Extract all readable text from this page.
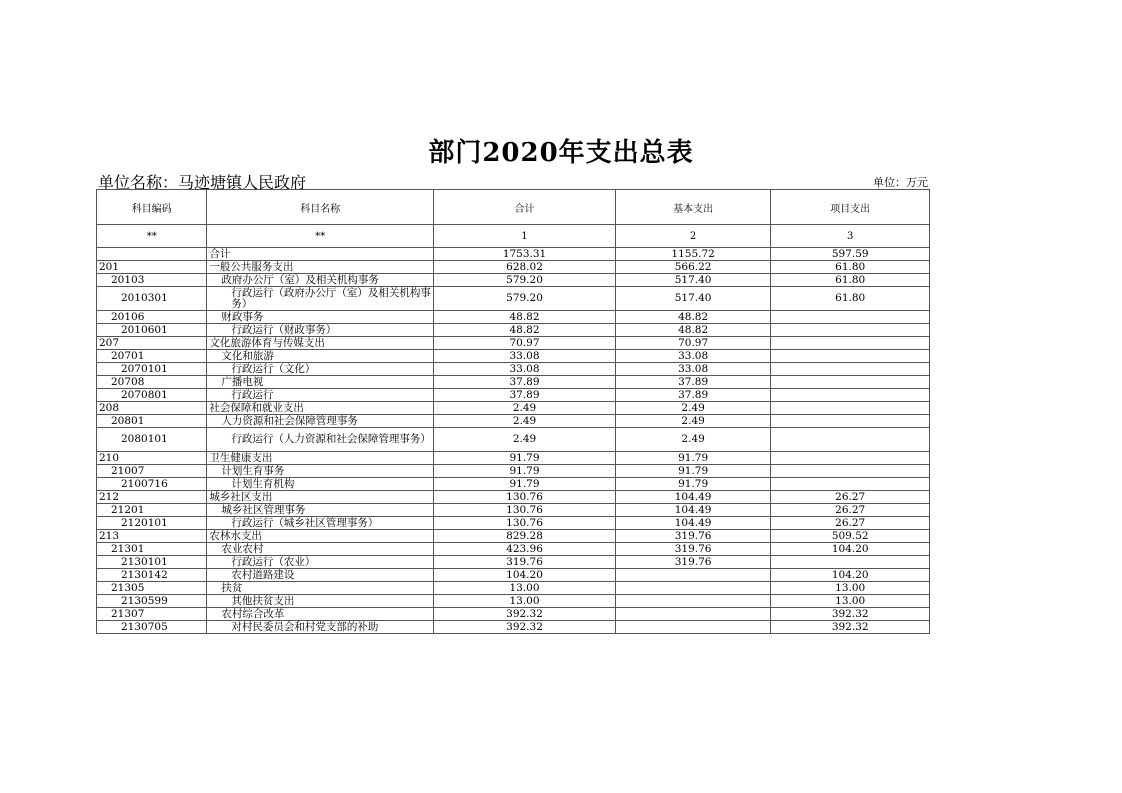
部门2020年支出总表
单位名称：马迹塘镇人民政府	单位：万元
科目编码	科目名称	合计	基本支出	项目支出
**	**	1	2	3
	合计	1753.31	1155.72	597.59
201	一般公共服务支出	628.02	566.22	61.80
20103	政府办公厅（室）及相关机构事务	579.20	517.40	61.80
2010301	行政运行（政府办公厅（室）及相关机构事务）	579.20	517.40	61.80
20106	财政事务	48.82	48.82	
2010601	行政运行（财政事务）	48.82	48.82	
207	文化旅游体育与传媒支出	70.97	70.97	
20701	文化和旅游	33.08	33.08	
2070101	行政运行（文化）	33.08	33.08	
20708	广播电视	37.89	37.89	
2070801	行政运行	37.89	37.89	
208	社会保障和就业支出	2.49	2.49	
20801	人力资源和社会保障管理事务	2.49	2.49	
2080101	行政运行（人力资源和社会保障管理事务）	2.49	2.49	
210	卫生健康支出	91.79	91.79	
21007	计划生育事务	91.79	91.79	
2100716	计划生育机构	91.79	91.79	
212	城乡社区支出	130.76	104.49	26.27
21201	城乡社区管理事务	130.76	104.49	26.27
2120101	行政运行（城乡社区管理事务）	130.76	104.49	26.27
213	农林水支出	829.28	319.76	509.52
21301	农业农村	423.96	319.76	104.20
2130101	行政运行（农业）	319.76	319.76	
2130142	农村道路建设	104.20		104.20
21305	扶贫	13.00		13.00
2130599	其他扶贫支出	13.00		13.00
21307	农村综合改革	392.32		392.32
2130705	对村民委员会和村党支部的补助	392.32		392.32
